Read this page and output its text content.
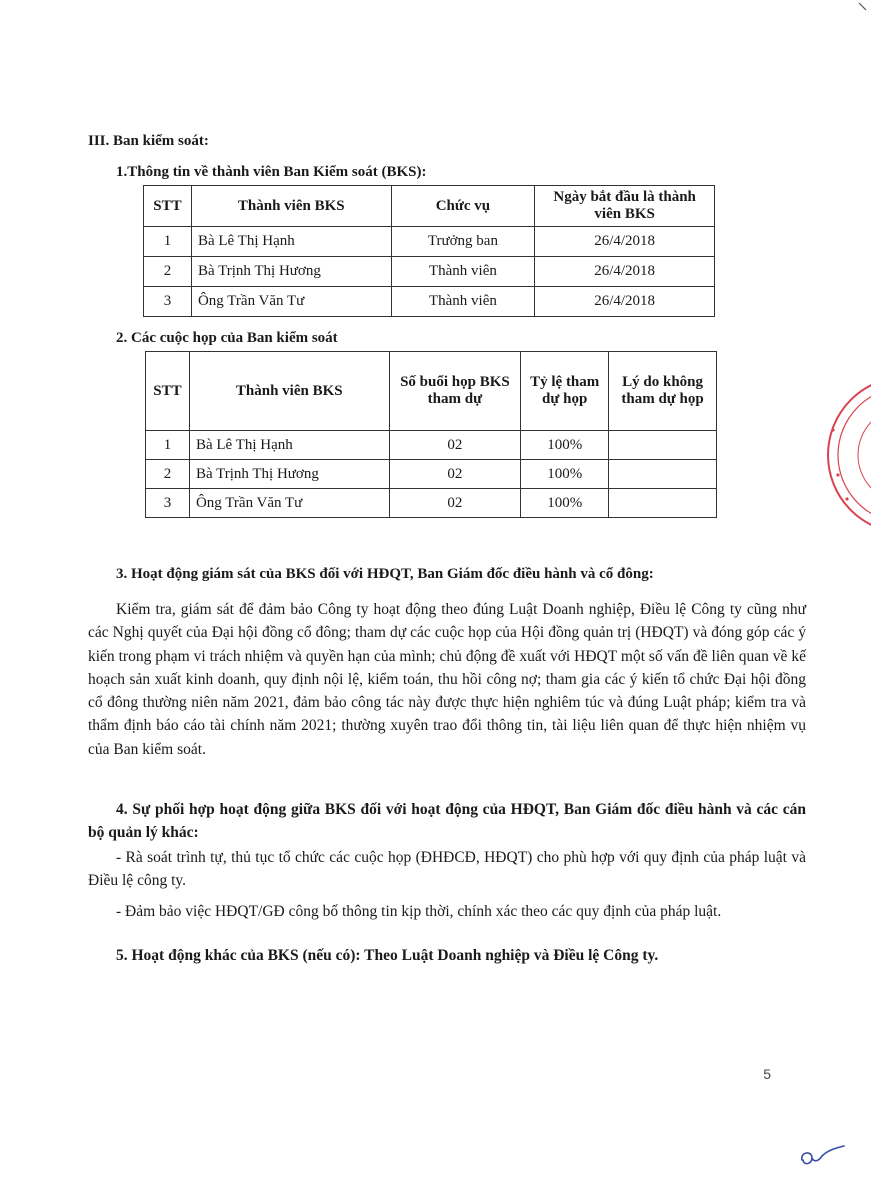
III. Ban kiểm soát:
1.Thông tin về thành viên Ban Kiểm soát (BKS):
STT	Thành viên BKS	Chức vụ	Ngày bắt đầu là thành viên BKS
1	Bà Lê Thị Hạnh	Trưởng ban	26/4/2018
2	Bà Trịnh Thị Hương	Thành viên	26/4/2018
3	Ông Trần Văn Tư	Thành viên	26/4/2018
2. Các cuộc họp của Ban kiểm soát
STT	Thành viên BKS	Số buổi họp BKS tham dự	Tỷ lệ tham dự họp	Lý do không tham dự họp
1	Bà Lê Thị Hạnh	02	100%	
2	Bà Trịnh Thị Hương	02	100%	
3	Ông Trần Văn Tư	02	100%	
3. Hoạt động giám sát của BKS đối với HĐQT, Ban Giám đốc điều hành và cổ đông:

Kiểm tra, giám sát để đảm bảo Công ty hoạt động theo đúng Luật Doanh nghiệp, Điều lệ Công ty cũng như các Nghị quyết của Đại hội đồng cổ đông; tham dự các cuộc họp của Hội đồng quản trị (HĐQT) và đóng góp các ý kiến trong phạm vi trách nhiệm và quyền hạn của mình; chủ động đề xuất với HĐQT một số vấn đề liên quan về kế hoạch sản xuất kinh doanh, quy định nội lệ, kiểm toán, thu hồi công nợ; tham gia các ý kiến tổ chức Đại hội đồng cổ đông thường niên năm 2021, đảm bảo công tác này được thực hiện nghiêm túc và đúng Luật pháp; kiểm tra và thẩm định báo cáo tài chính năm 2021; thường xuyên trao đổi thông tin, tài liệu liên quan để thực hiện nhiệm vụ của Ban kiểm soát.

4. Sự phối hợp hoạt động giữa BKS đối với hoạt động của HĐQT, Ban Giám đốc điều hành và các cán bộ quản lý khác:

- Rà soát trình tự, thủ tục tổ chức các cuộc họp (ĐHĐCĐ, HĐQT) cho phù hợp với quy định của pháp luật và Điều lệ công ty.

- Đảm bảo việc HĐQT/GĐ công bố thông tin kịp thời, chính xác theo các quy định của pháp luật.

5. Hoạt động khác của BKS (nếu có): Theo Luật Doanh nghiệp và Điều lệ Công ty.

5
